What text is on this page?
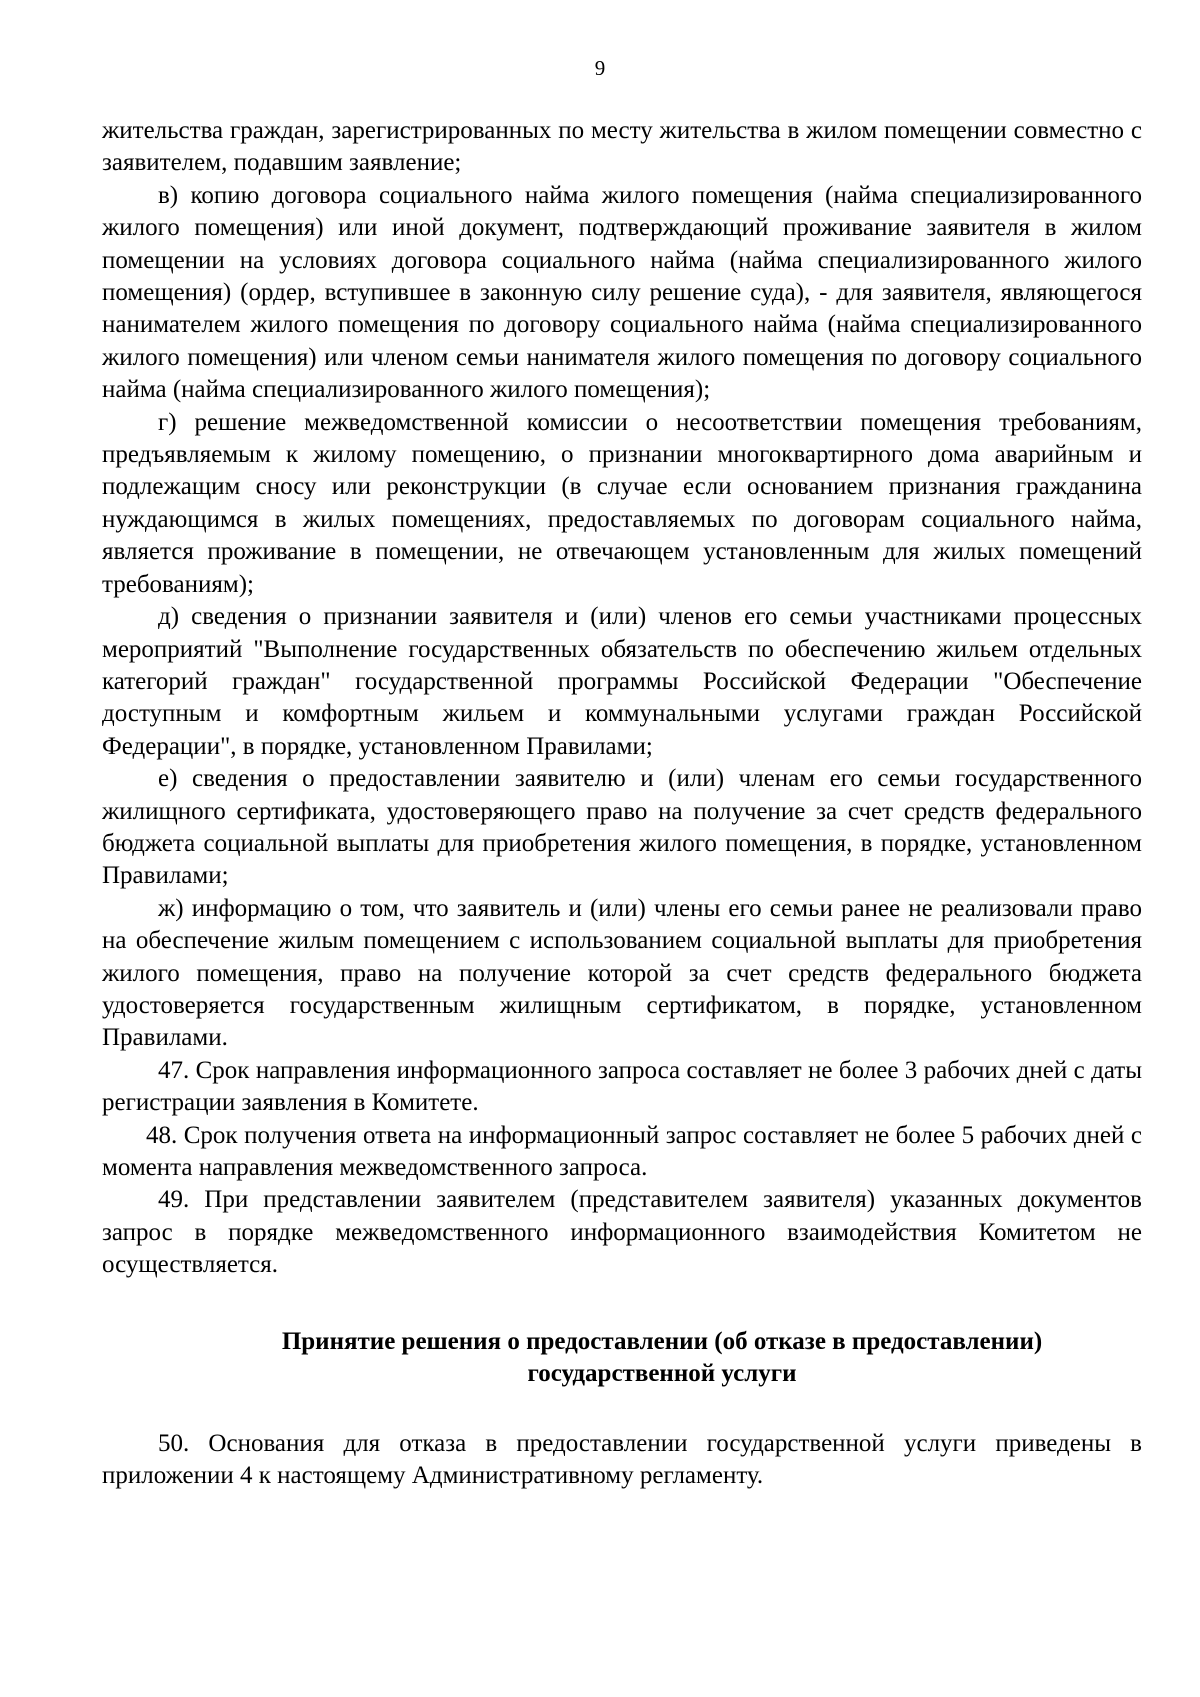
9

жительства граждан, зарегистрированных по месту жительства в жилом помещении совместно с заявителем, подавшим заявление;

в) копию договора социального найма жилого помещения (найма специализированного жилого помещения) или иной документ, подтверждающий проживание заявителя в жилом помещении на условиях договора социального найма (найма специализированного жилого помещения) (ордер, вступившее в законную силу решение суда), - для заявителя, являющегося нанимателем жилого помещения по договору социального найма (найма специализированного жилого помещения) или членом семьи нанимателя жилого помещения по договору социального найма (найма специализированного жилого помещения);

г) решение межведомственной комиссии о несоответствии помещения требованиям, предъявляемым к жилому помещению, о признании многоквартирного дома аварийным и подлежащим сносу или реконструкции (в случае если основанием признания гражданина нуждающимся в жилых помещениях, предоставляемых по договорам социального найма, является проживание в помещении, не отвечающем установленным для жилых помещений требованиям);

д) сведения о признании заявителя и (или) членов его семьи участниками процессных мероприятий "Выполнение государственных обязательств по обеспечению жильем отдельных категорий граждан" государственной программы Российской Федерации "Обеспечение доступным и комфортным жильем и коммунальными услугами граждан Российской Федерации", в порядке, установленном Правилами;

е) сведения о предоставлении заявителю и (или) членам его семьи государственного жилищного сертификата, удостоверяющего право на получение за счет средств федерального бюджета социальной выплаты для приобретения жилого помещения, в порядке, установленном Правилами;

ж) информацию о том, что заявитель и (или) члены его семьи ранее не реализовали право на обеспечение жилым помещением с использованием социальной выплаты для приобретения жилого помещения, право на получение которой за счет средств федерального бюджета удостоверяется государственным жилищным сертификатом, в порядке, установленном Правилами.

47. Срок направления информационного запроса составляет не более 3 рабочих дней с даты регистрации заявления в Комитете.

48. Срок получения ответа на информационный запрос составляет не более 5 рабочих дней с момента направления межведомственного запроса.

49. При представлении заявителем (представителем заявителя) указанных документов запрос в порядке межведомственного информационного взаимодействия Комитетом не осуществляется.

Принятие решения о предоставлении (об отказе в предоставлении)
государственной услуги

50. Основания для отказа в предоставлении государственной услуги приведены в приложении 4 к настоящему Административному регламенту.
